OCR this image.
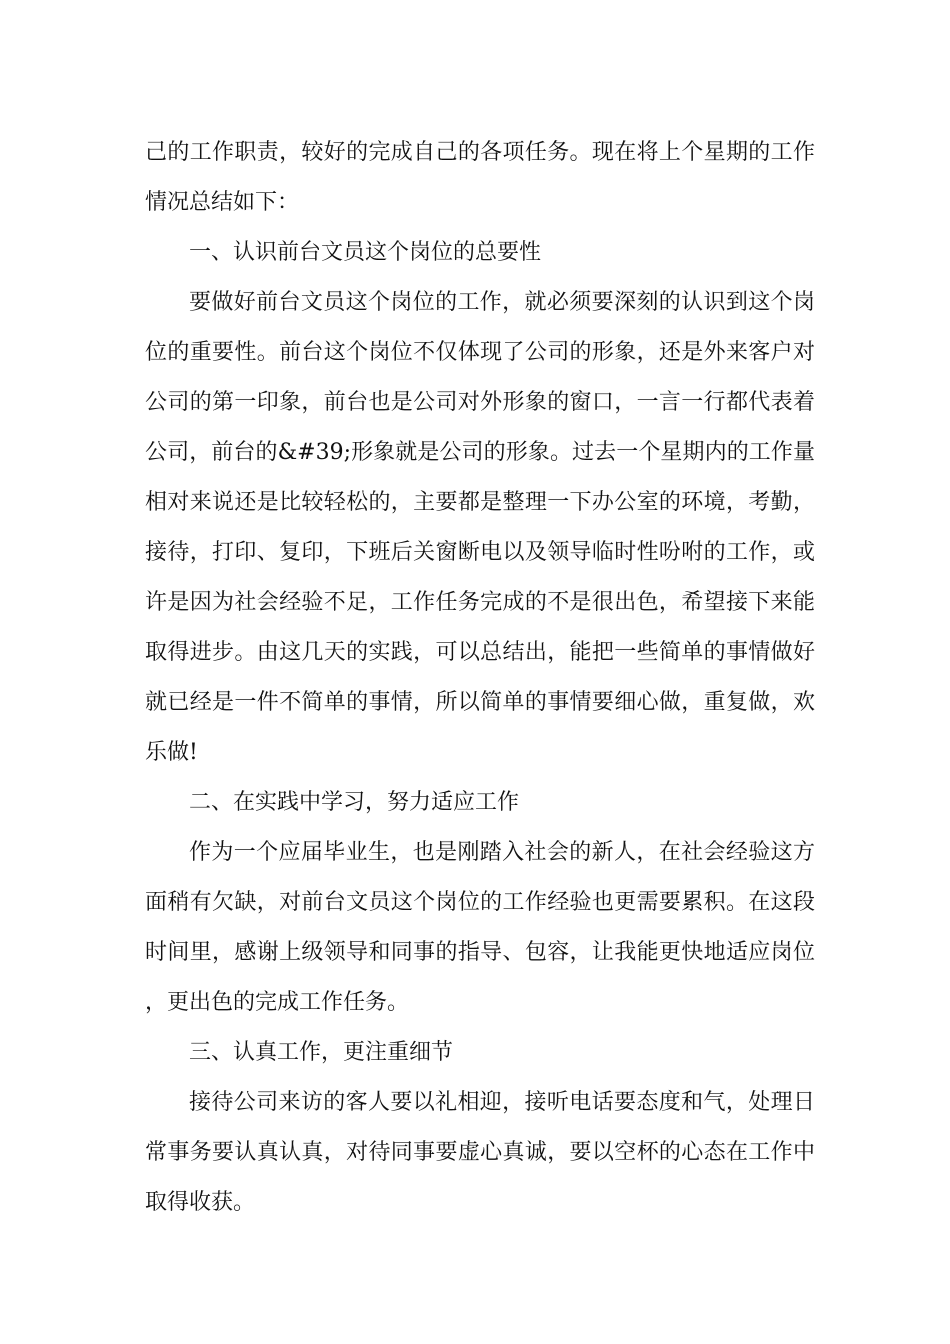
己的工作职责，较好的完成自己的各项任务。现在将上个星期的工作情况总结如下：

一、认识前台文员这个岗位的总要性

要做好前台文员这个岗位的工作，就必须要深刻的认识到这个岗位的重要性。前台这个岗位不仅体现了公司的形象，还是外来客户对公司的第一印象，前台也是公司对外形象的窗口，一言一行都代表着公司，前台的&#39;形象就是公司的形象。过去一个星期内的工作量相对来说还是比较轻松的，主要都是整理一下办公室的环境，考勤，接待，打印、复印，下班后关窗断电以及领导临时性吩咐的工作，或许是因为社会经验不足，工作任务完成的不是很出色，希望接下来能取得进步。由这几天的实践，可以总结出，能把一些简单的事情做好就已经是一件不简单的事情，所以简单的事情要细心做，重复做，欢乐做!

二、在实践中学习，努力适应工作

作为一个应届毕业生，也是刚踏入社会的新人，在社会经验这方面稍有欠缺，对前台文员这个岗位的工作经验也更需要累积。在这段时间里，感谢上级领导和同事的指导、包容，让我能更快地适应岗位，更出色的完成工作任务。

三、认真工作，更注重细节

接待公司来访的客人要以礼相迎，接听电话要态度和气，处理日常事务要认真认真，对待同事要虚心真诚，要以空杯的心态在工作中取得收获。
